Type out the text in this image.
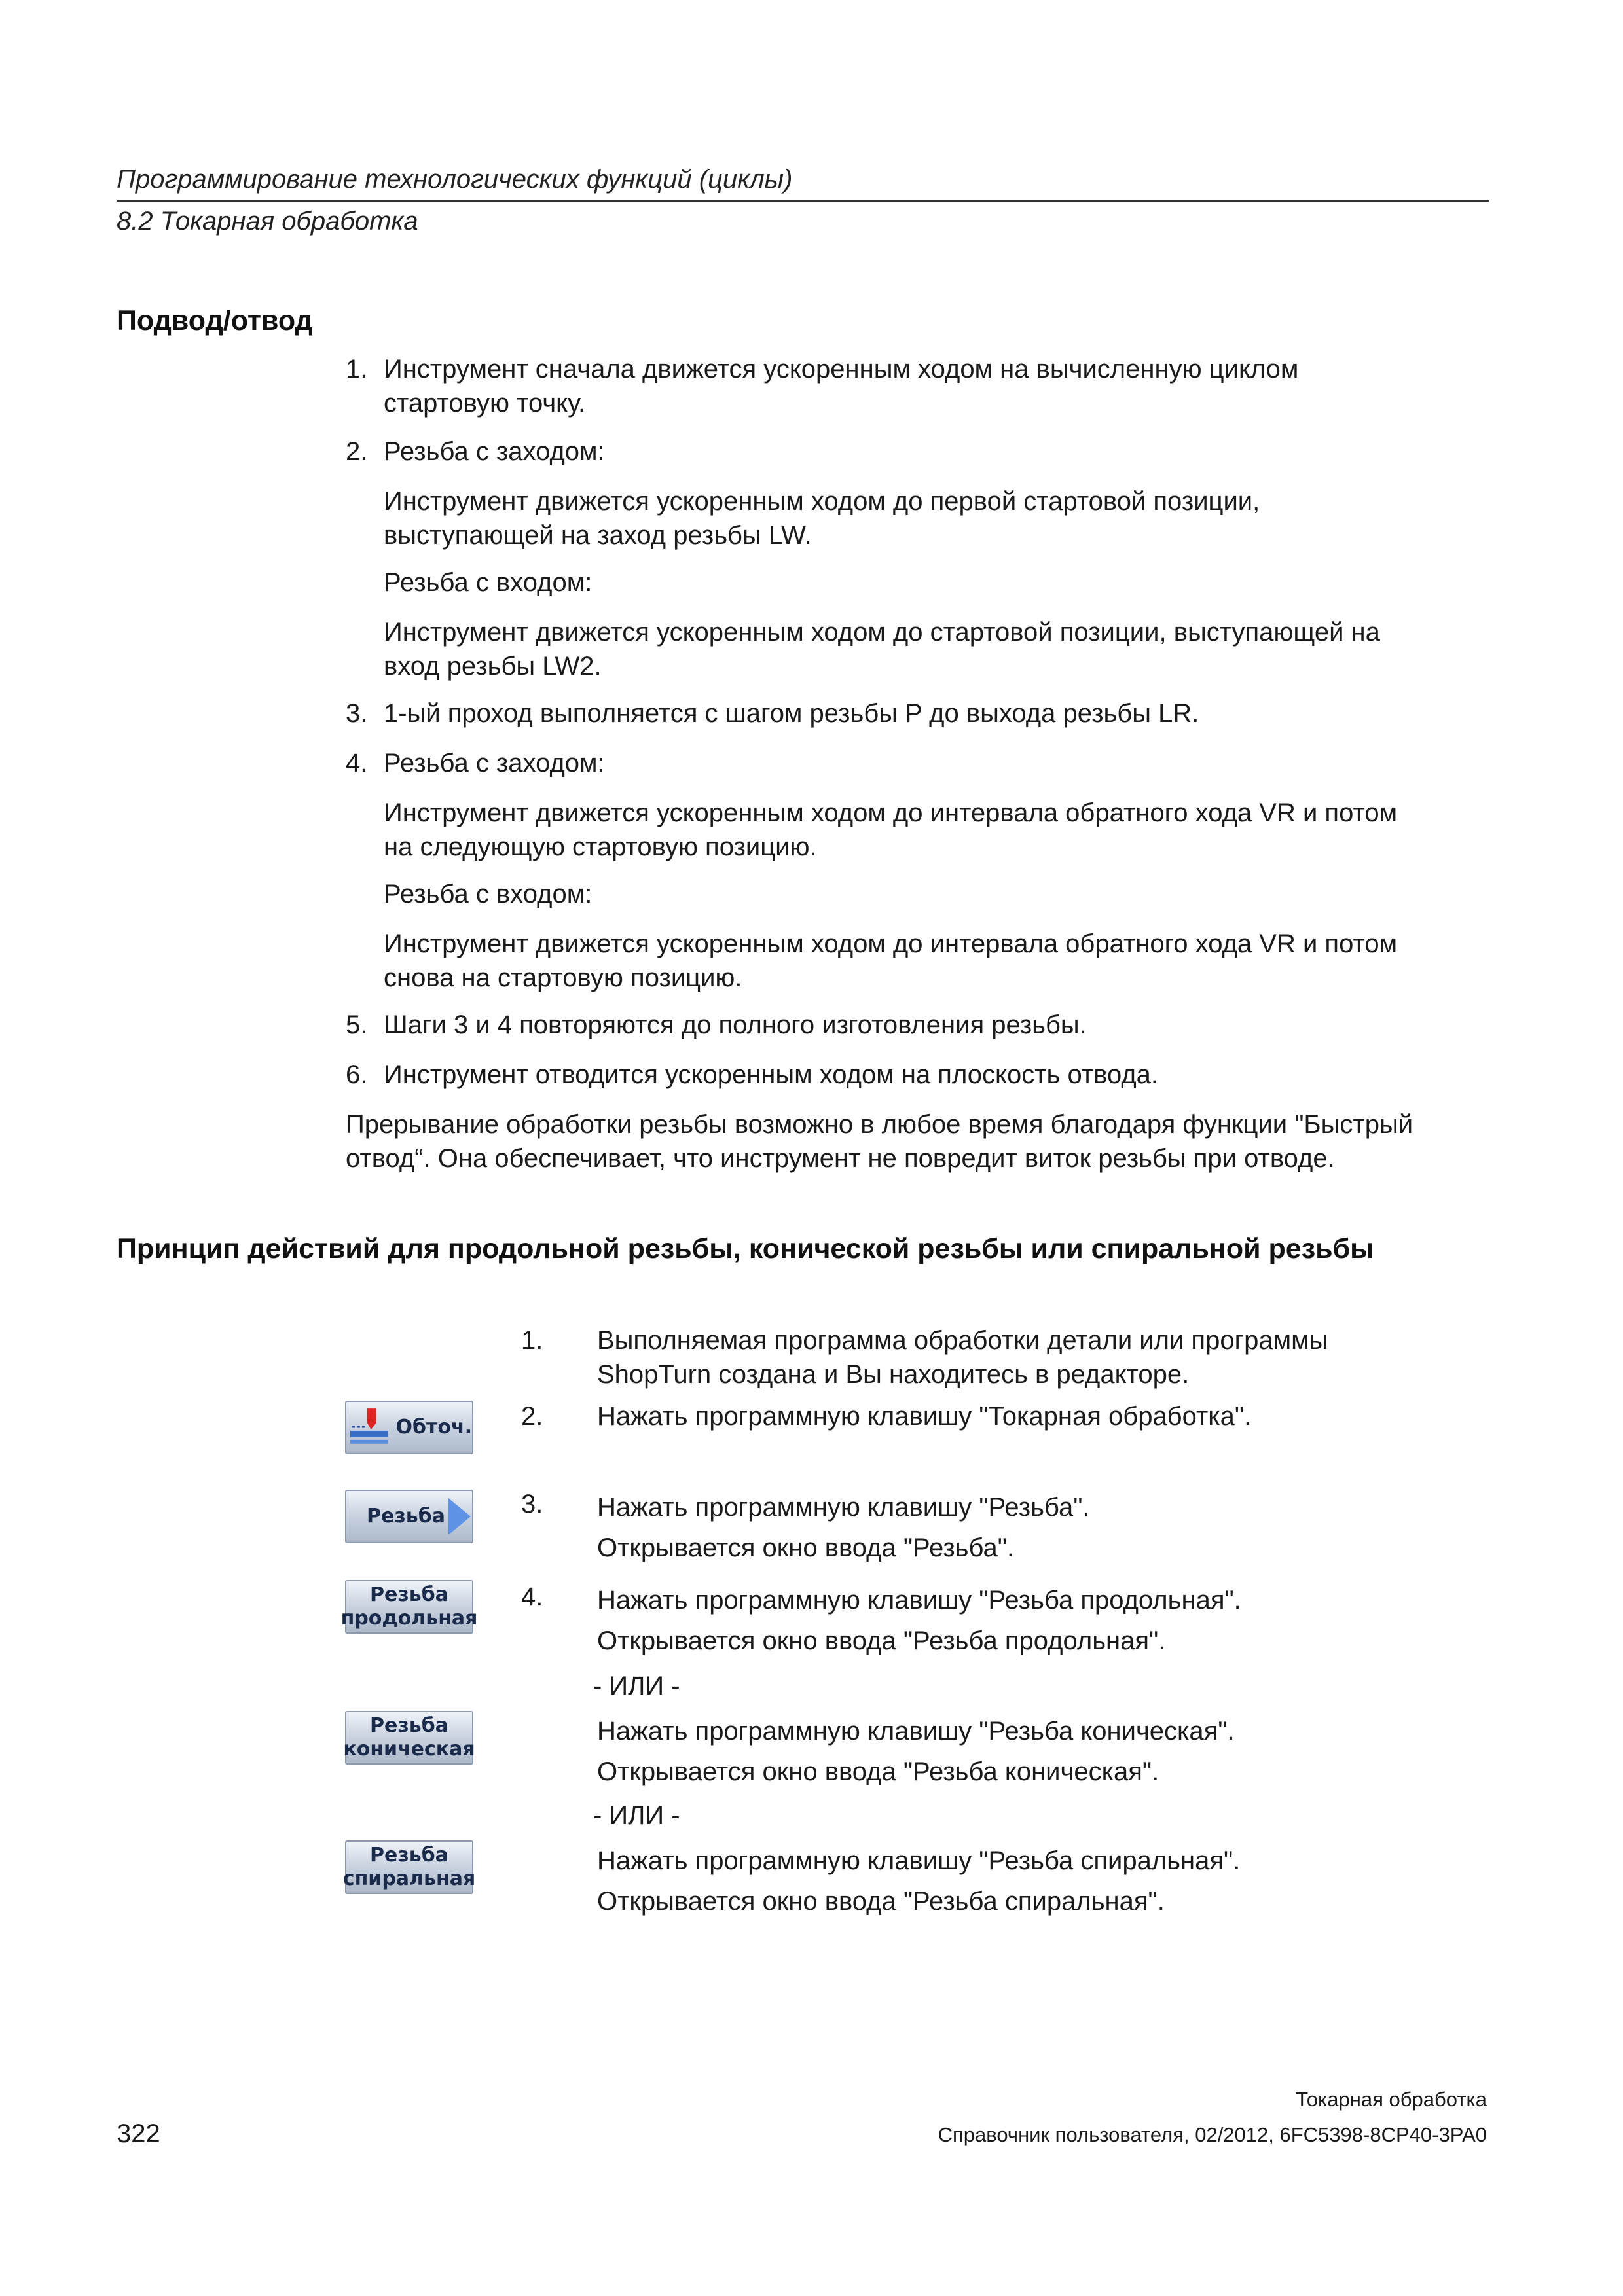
Программирование технологических функций (циклы)
8.2 Токарная обработка
Подвод/отвод
1. Инструмент сначала движется ускоренным ходом на вычисленную циклом
стартовую точку.
2. Резьба с заходом:
Инструмент движется ускоренным ходом до первой стартовой позиции,
выступающей на заход резьбы LW.
Резьба с входом:
Инструмент движется ускоренным ходом до стартовой позиции, выступающей на
вход резьбы LW2.
3. 1-ый проход выполняется с шагом резьбы P до выхода резьбы LR.
4. Резьба с заходом:
Инструмент движется ускоренным ходом до интервала обратного хода VR и потом
на следующую стартовую позицию.
Резьба с входом:
Инструмент движется ускоренным ходом до интервала обратного хода VR и потом
снова на стартовую позицию.
5. Шаги 3 и 4 повторяются до полного изготовления резьбы.
6. Инструмент отводится ускоренным ходом на плоскость отвода.
Прерывание обработки резьбы возможно в любое время благодаря функции "Быстрый
отвод“. Она обеспечивает, что инструмент не повредит виток резьбы при отводе.
Принцип действий для продольной резьбы, конической резьбы или спиральной резьбы
1. Выполняемая программа обработки детали или программы
ShopTurn создана и Вы находитесь в редакторе.
2. Нажать программную клавишу "Токарная обработка".
3. Нажать программную клавишу "Резьба".
Открывается окно ввода "Резьба".
4. Нажать программную клавишу "Резьба продольная".
Открывается окно ввода "Резьба продольная".
- ИЛИ -
Нажать программную клавишу "Резьба коническая".
Открывается окно ввода "Резьба коническая".
- ИЛИ -
Нажать программную клавишу "Резьба спиральная".
Открывается окно ввода "Резьба спиральная".
Обточ.
Резьба
Резьба
продольная
Резьба
коническая
Резьба
спиральная
Токарная обработка
322	Справочник пользователя, 02/2012, 6FC5398-8CP40-3PA0
